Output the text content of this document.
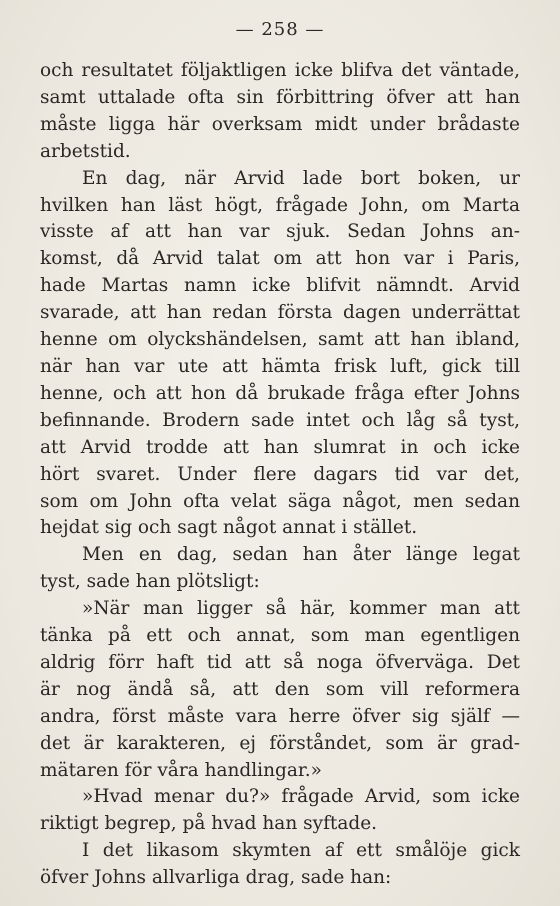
— 258 —
och resultatet följaktligen icke blifva det väntade,
samt uttalade ofta sin förbittring öfver att han
måste ligga här overksam midt under brådaste
arbetstid.
En dag, när Arvid lade bort boken, ur
hvilken han läst högt, frågade John, om Marta
visste af att han var sjuk. Sedan Johns an-
komst, då Arvid talat om att hon var i Paris,
hade Martas namn icke blifvit nämndt. Arvid
svarade, att han redan första dagen underrättat
henne om olyckshändelsen, samt att han ibland,
när han var ute att hämta frisk luft, gick till
henne, och att hon då brukade fråga efter Johns
befinnande. Brodern sade intet och låg så tyst,
att Arvid trodde att han slumrat in och icke
hört svaret. Under flere dagars tid var det,
som om John ofta velat säga något, men sedan
hejdat sig och sagt något annat i stället.
Men en dag, sedan han åter länge legat
tyst, sade han plötsligt:
»När man ligger så här, kommer man att
tänka på ett och annat, som man egentligen
aldrig förr haft tid att så noga öfverväga. Det
är nog ändå så, att den som vill reformera
andra, först måste vara herre öfver sig själf —
det är karakteren, ej förståndet, som är grad-
mätaren för våra handlingar.»
»Hvad menar du?» frågade Arvid, som icke
riktigt begrep, på hvad han syftade.
I det likasom skymten af ett smålöje gick
öfver Johns allvarliga drag, sade han:
